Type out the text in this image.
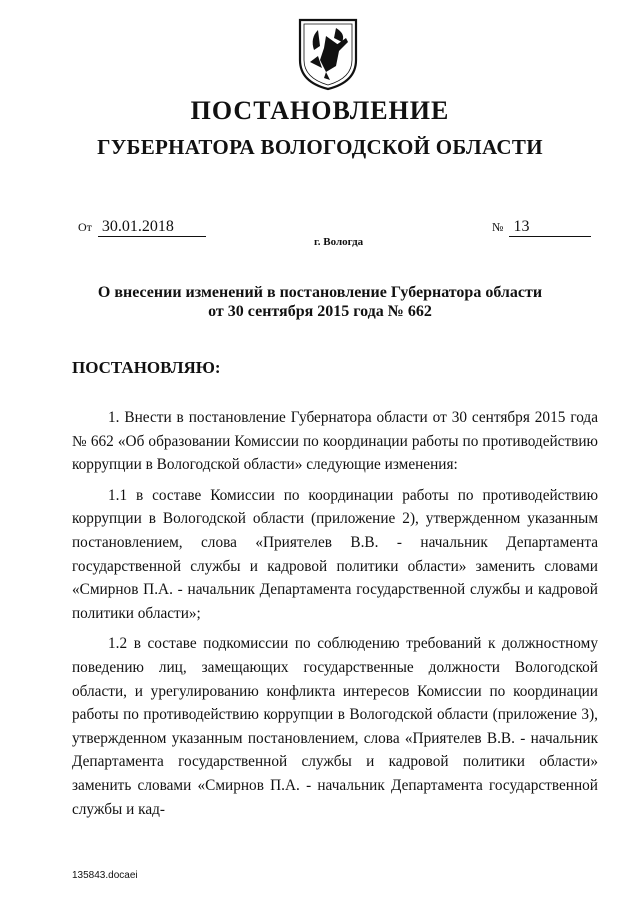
ПОСТАНОВЛЕНИЕ
ГУБЕРНАТОРА ВОЛОГОДСКОЙ ОБЛАСТИ
От 30.01.2018	№ 13
г. Вологда
О внесении изменений в постановление Губернатора области
от 30 сентября 2015 года № 662
ПОСТАНОВЛЯЮ:

1. Внести в постановление Губернатора области от 30 сентября 2015 года № 662 «Об образовании Комиссии по координации работы по противодействию коррупции в Вологодской области» следующие изменения:

1.1 в составе Комиссии по координации работы по противодействию коррупции в Вологодской области (приложение 2), утвержденном указанным постановлением, слова «Приятелев В.В. - начальник Департамента государственной службы и кадровой политики области» заменить словами «Смирнов П.А. - начальник Департамента государственной службы и кадровой политики области»;

1.2 в составе подкомиссии по соблюдению требований к должностному поведению лиц, замещающих государственные должности Вологодской области, и урегулированию конфликта интересов Комиссии по координации работы по противодействию коррупции в Вологодской области (приложение 3), утвержденном указанным постановлением, слова «Приятелев В.В. - начальник Департамента государственной службы и кадровой политики области» заменить словами «Смирнов П.А. - начальник Департамента государственной службы и кад-

135843.docaei
